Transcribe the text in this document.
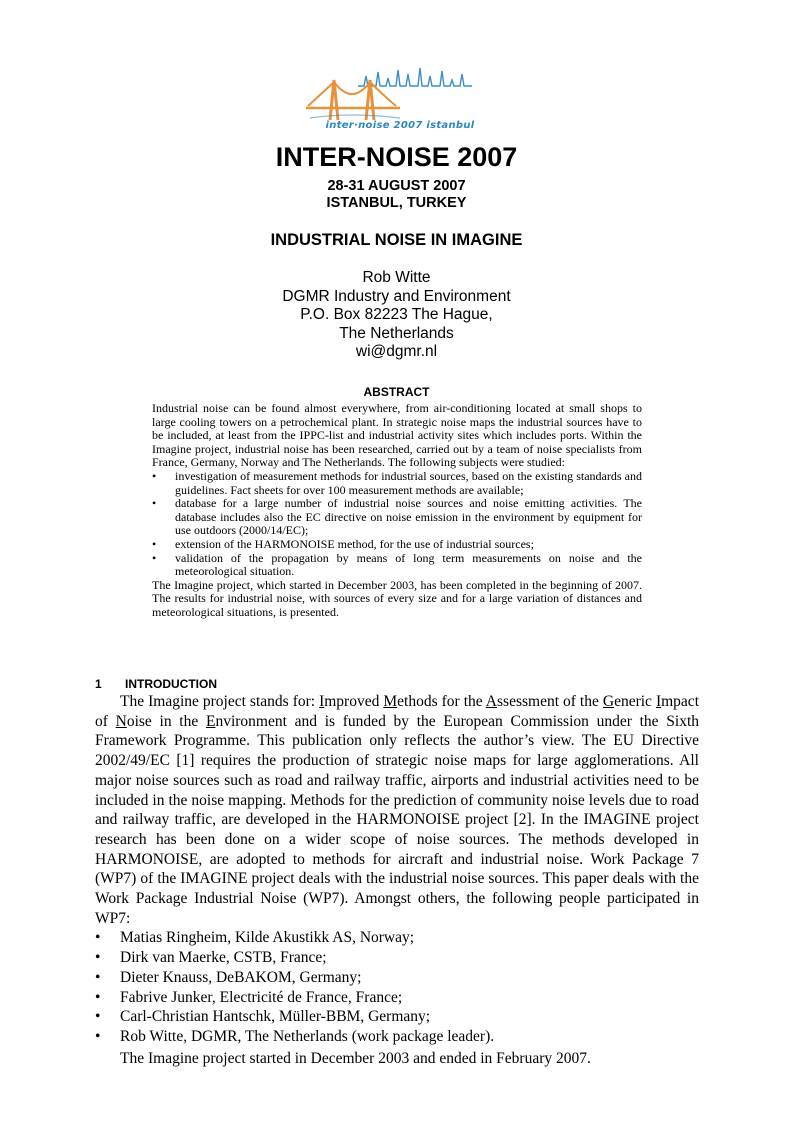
inter·noise 2007 istanbul
INTER-NOISE 2007
28-31 AUGUST 2007
ISTANBUL, TURKEY
INDUSTRIAL NOISE IN IMAGINE
Rob Witte
DGMR Industry and Environment
P.O. Box 82223 The Hague,
The Netherlands
wi@dgmr.nl
ABSTRACT

Industrial noise can be found almost everywhere, from air-conditioning located at small shops to large cooling towers on a petrochemical plant. In strategic noise maps the industrial sources have to be included, at least from the IPPC-list and industrial activity sites which includes ports. Within the Imagine project, industrial noise has been researched, carried out by a team of noise specialists from France, Germany, Norway and The Netherlands. The following subjects were studied:

• investigation of measurement methods for industrial sources, based on the existing standards and guidelines. Fact sheets for over 100 measurement methods are available;
• database for a large number of industrial noise sources and noise emitting activities. The database includes also the EC directive on noise emission in the environment by equipment for use outdoors (2000/14/EC);
• extension of the HARMONOISE method, for the use of industrial sources;
• validation of the propagation by means of long term measurements on noise and the meteorological situation.

The Imagine project, which started in December 2003, has been completed in the beginning of 2007. The results for industrial noise, with sources of every size and for a large variation of distances and meteorological situations, is presented.

1 INTRODUCTION

The Imagine project stands for: Improved Methods for the Assessment of the Generic Impact of Noise in the Environment and is funded by the European Commission under the Sixth Framework Programme. This publication only reflects the author’s view. The EU Directive 2002/49/EC [1] requires the production of strategic noise maps for large agglomerations. All major noise sources such as road and railway traffic, airports and industrial activities need to be included in the noise mapping. Methods for the prediction of community noise levels due to road and railway traffic, are developed in the HARMONOISE project [2]. In the IMAGINE project research has been done on a wider scope of noise sources. The methods developed in HARMONOISE, are adopted to methods for aircraft and industrial noise. Work Package 7 (WP7) of the IMAGINE project deals with the industrial noise sources. This paper deals with the Work Package Industrial Noise (WP7). Amongst others, the following people participated in WP7:

• Matias Ringheim, Kilde Akustikk AS, Norway;
• Dirk van Maerke, CSTB, France;
• Dieter Knauss, DeBAKOM, Germany;
• Fabrive Junker, Electricité de France, France;
• Carl-Christian Hantschk, Müller-BBM, Germany;
• Rob Witte, DGMR, The Netherlands (work package leader).
The Imagine project started in December 2003 and ended in February 2007.
